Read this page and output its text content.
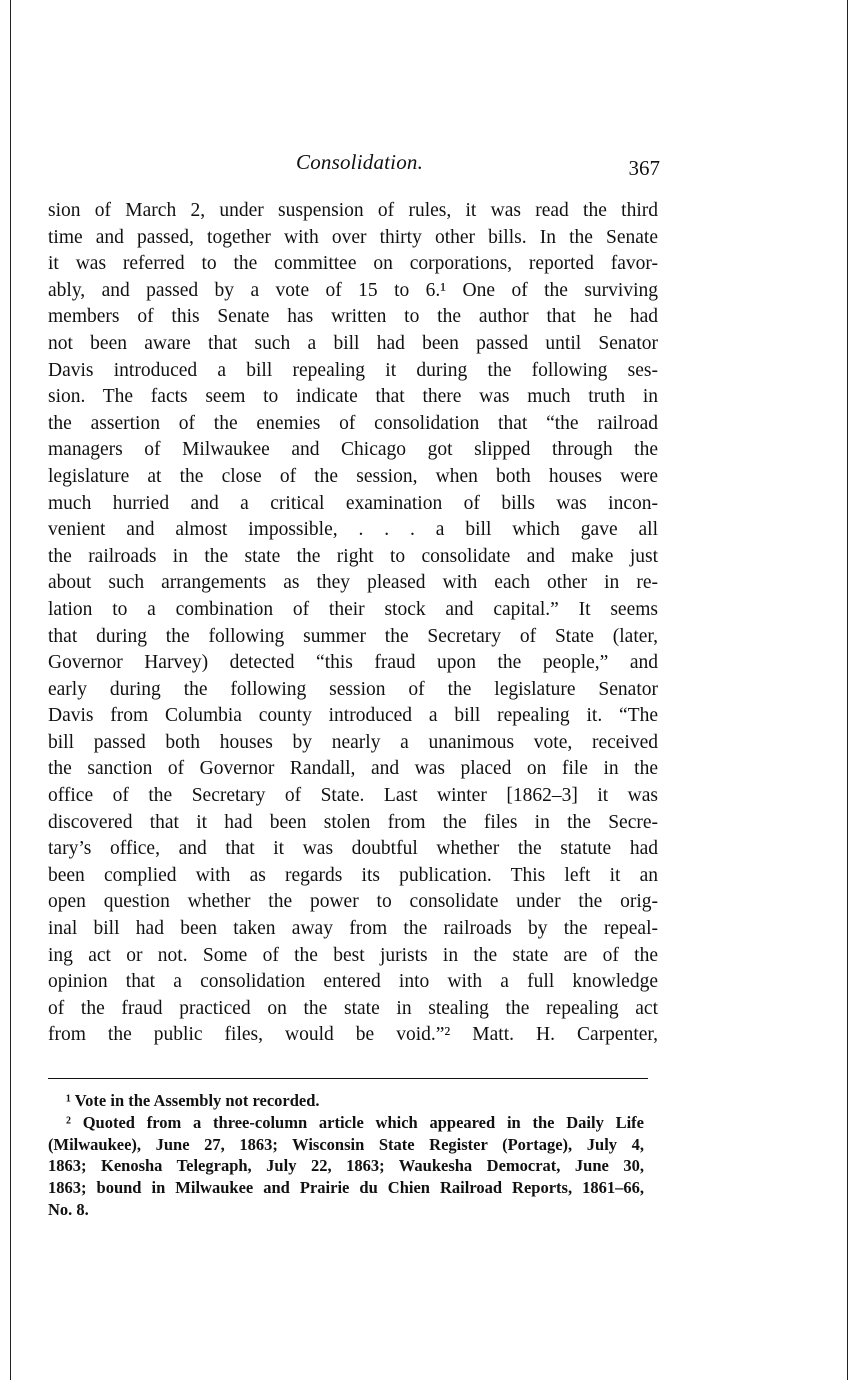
Consolidation.	367
sion of March 2, under suspension of rules, it was read the third
time and passed, together with over thirty other bills. In the Senate
it was referred to the committee on corporations, reported favor-
ably, and passed by a vote of 15 to 6.¹ One of the surviving
members of this Senate has written to the author that he had
not been aware that such a bill had been passed until Senator
Davis introduced a bill repealing it during the following ses-
sion. The facts seem to indicate that there was much truth in
the assertion of the enemies of consolidation that “the railroad
managers of Milwaukee and Chicago got slipped through the
legislature at the close of the session, when both houses were
much hurried and a critical examination of bills was incon-
venient and almost impossible, . . . a bill which gave all
the railroads in the state the right to consolidate and make just
about such arrangements as they pleased with each other in re-
lation to a combination of their stock and capital.” It seems
that during the following summer the Secretary of State (later,
Governor Harvey) detected “this fraud upon the people,” and
early during the following session of the legislature Senator
Davis from Columbia county introduced a bill repealing it. “The
bill passed both houses by nearly a unanimous vote, received
the sanction of Governor Randall, and was placed on file in the
office of the Secretary of State. Last winter [1862–3] it was
discovered that it had been stolen from the files in the Secre-
tary’s office, and that it was doubtful whether the statute had
been complied with as regards its publication. This left it an
open question whether the power to consolidate under the orig-
inal bill had been taken away from the railroads by the repeal-
ing act or not. Some of the best jurists in the state are of the
opinion that a consolidation entered into with a full knowledge
of the fraud practiced on the state in stealing the repealing act
from the public files, would be void.”² Matt. H. Carpenter,
¹ Vote in the Assembly not recorded.
² Quoted from a three-column article which appeared in the Daily Life
(Milwaukee), June 27, 1863; Wisconsin State Register (Portage), July 4,
1863; Kenosha Telegraph, July 22, 1863; Waukesha Democrat, June 30,
1863; bound in Milwaukee and Prairie du Chien Railroad Reports, 1861–66,
No. 8.
